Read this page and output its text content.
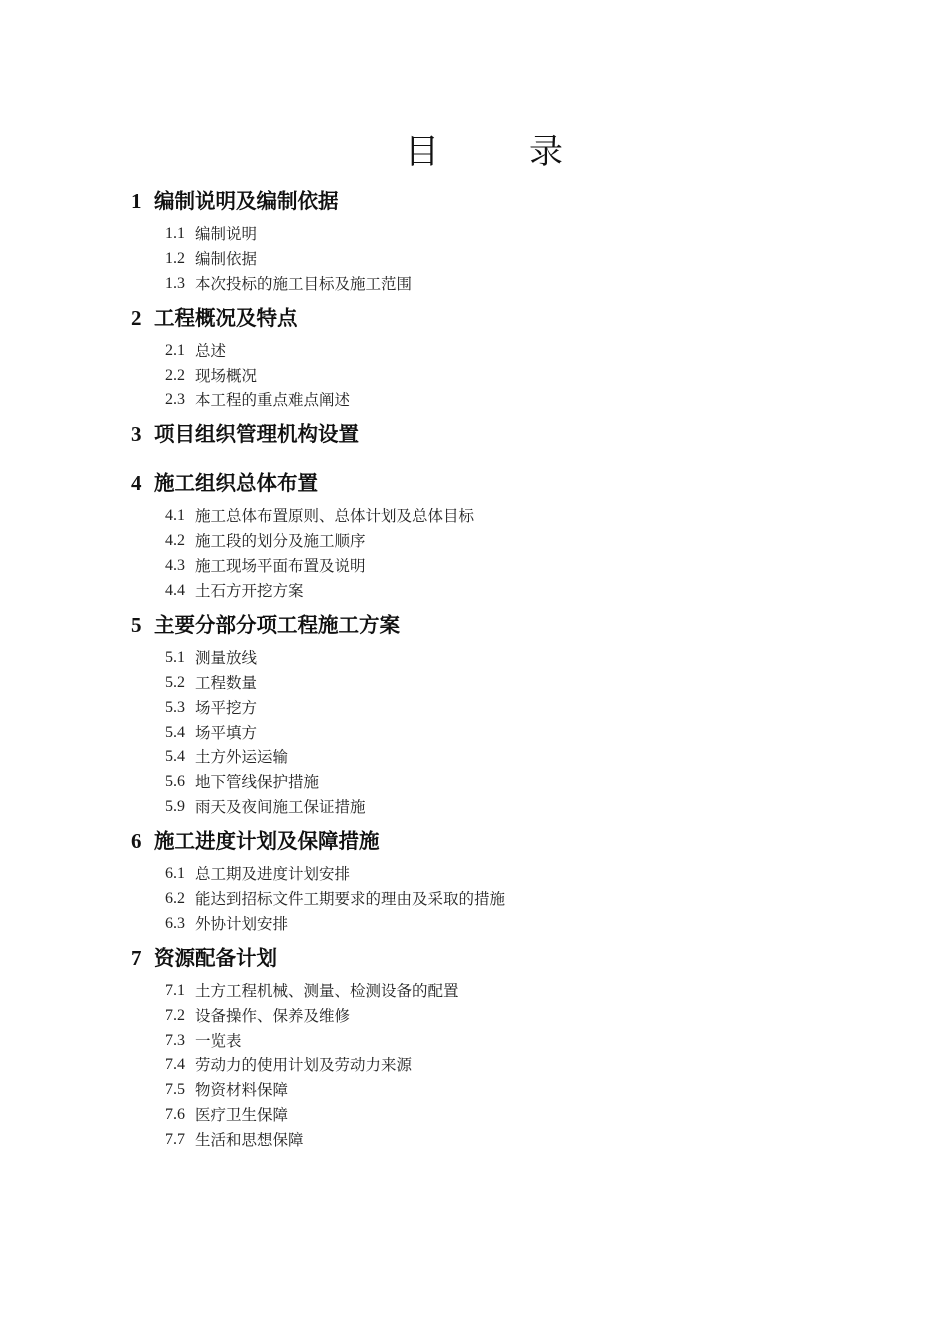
目　录
1 编制说明及编制依据
1.1 编制说明
1.2 编制依据
1.3 本次投标的施工目标及施工范围
2 工程概况及特点
2.1 总述
2.2 现场概况
2.3 本工程的重点难点阐述
3 项目组织管理机构设置
4 施工组织总体布置
4.1 施工总体布置原则、总体计划及总体目标
4.2 施工段的划分及施工顺序
4.3 施工现场平面布置及说明
4.4 土石方开挖方案
5 主要分部分项工程施工方案
5.1 测量放线
5.2 工程数量
5.3 场平挖方
5.4 场平填方
5.4 土方外运运输
5.6 地下管线保护措施
5.9 雨天及夜间施工保证措施
6 施工进度计划及保障措施
6.1 总工期及进度计划安排
6.2 能达到招标文件工期要求的理由及采取的措施
6.3 外协计划安排
7 资源配备计划
7.1 土方工程机械、测量、检测设备的配置
7.2 设备操作、保养及维修
7.3 一览表
7.4 劳动力的使用计划及劳动力来源
7.5 物资材料保障
7.6 医疗卫生保障
7.7 生活和思想保障
